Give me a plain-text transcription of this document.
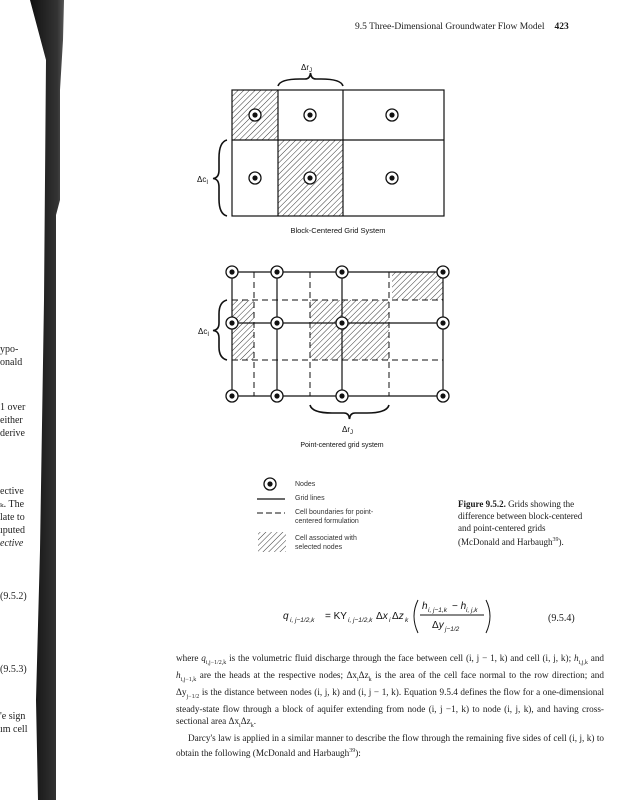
9.5 Three-Dimensional Groundwater Flow Model 423
ypo-
onald
1 over
either
derive
ective
ₖ. The
late to
ıputed
ective
(9.5.2)
(9.5.3)
'e sign
ım cell
$\Delta r_J$
$\Delta c_I$
Block-Centered Grid System
$\Delta r_J$
$\Delta c_I$
Point-centered grid system
q i, j−1/2,k = KY i, j−1/2,k Δx i Δz k
h i, j−1,k − h i, j,k
Δy j−1/2
Nodes
Grid lines
Cell boundaries for point-
centered formulation
Cell associated with
selected nodes
Figure 9.5.2. Grids showing the difference between block-centered and point-centered grids (McDonald and Harbaugh$^{39}$).
(9.5.4)

where $q_{i,j-1/2,k}$ is the volumetric fluid discharge through the face between cell (i, j − 1, k) and cell (i, j, k); $h_{i,j,k}$ and $h_{i,j-1,k}$ are the heads at the respective nodes; $\Delta x_i\Delta z_k$ is the area of the cell face normal to the row direction; and $\Delta y_{j-1/2}$ is the distance between nodes (i, j, k) and (i, j − 1, k). Equation 9.5.4 defines the flow for a one-dimensional steady-state flow through a block of aquifer extending from node (i, j −1, k) to node (i, j, k), and having cross-sectional area $\Delta x_i\Delta z_k$.

Darcy's law is applied in a similar manner to describe the flow through the remaining five sides of cell (i, j, k) to obtain the following (McDonald and Harbaugh$^{39}$):
